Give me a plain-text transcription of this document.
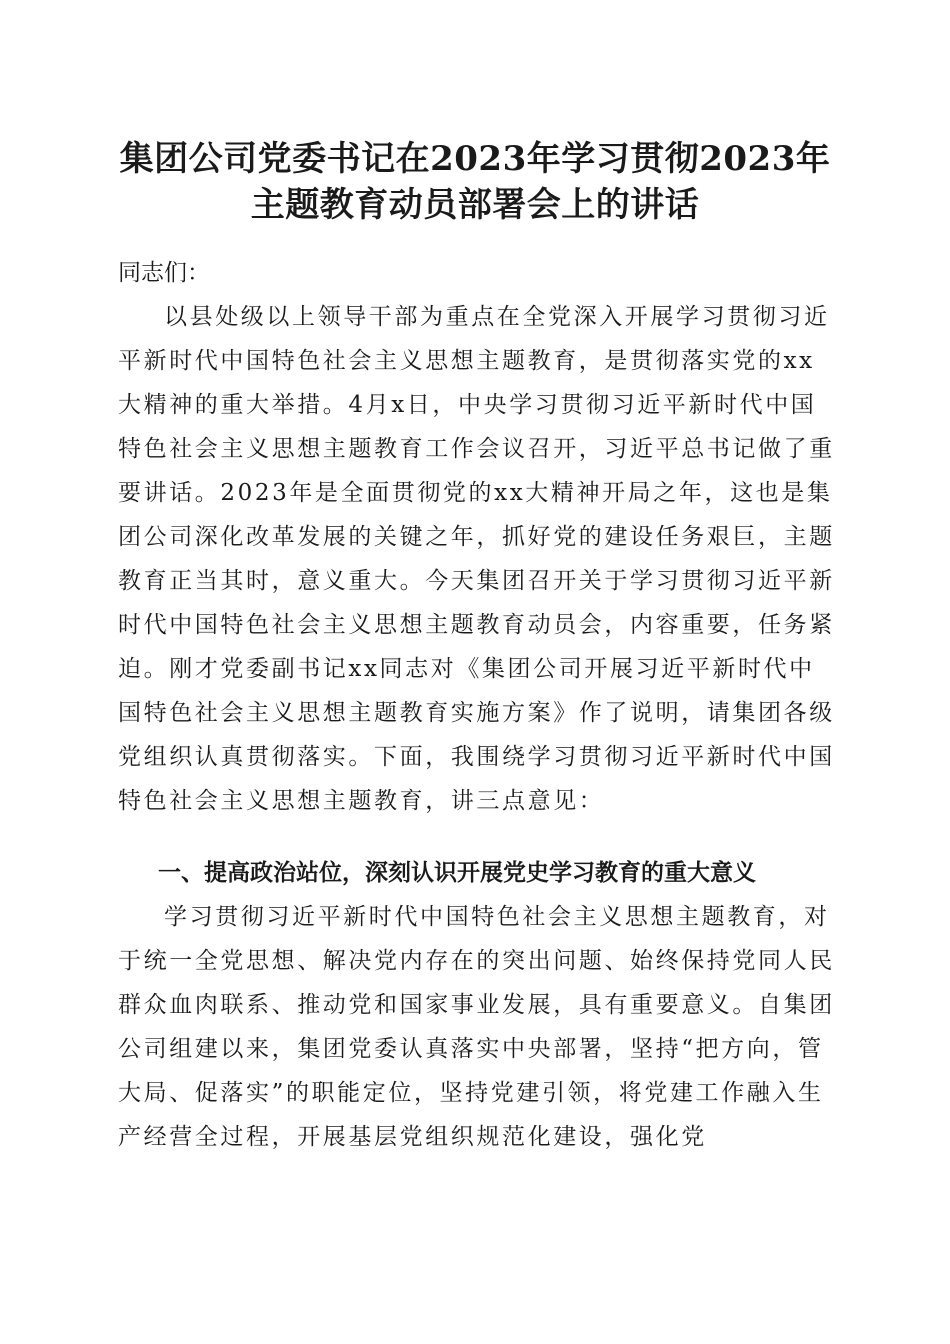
集团公司党委书记在2023年学习贯彻2023年
主题教育动员部署会上的讲话

同志们：

以县处级以上领导干部为重点在全党深入开展学习贯彻习近平新时代中国特色社会主义思想主题教育，是贯彻落实党的xx大精神的重大举措。4月x日，中央学习贯彻习近平新时代中国特色社会主义思想主题教育工作会议召开，习近平总书记做了重要讲话。2023年是全面贯彻党的xx大精神开局之年，这也是集团公司深化改革发展的关键之年，抓好党的建设任务艰巨，主题教育正当其时，意义重大。今天集团召开关于学习贯彻习近平新时代中国特色社会主义思想主题教育动员会，内容重要，任务紧迫。刚才党委副书记xx同志对《集团公司开展习近平新时代中国特色社会主义思想主题教育实施方案》作了说明，请集团各级党组织认真贯彻落实。下面，我围绕学习贯彻习近平新时代中国特色社会主义思想主题教育，讲三点意见：

一、提高政治站位，深刻认识开展党史学习教育的重大意义

学习贯彻习近平新时代中国特色社会主义思想主题教育，对于统一全党思想、解决党内存在的突出问题、始终保持党同人民群众血肉联系、推动党和国家事业发展，具有重要意义。自集团公司组建以来，集团党委认真落实中央部署，坚持“把方向，管大局、促落实”的职能定位，坚持党建引领，将党建工作融入生产经营全过程，开展基层党组织规范化建设，强化党
